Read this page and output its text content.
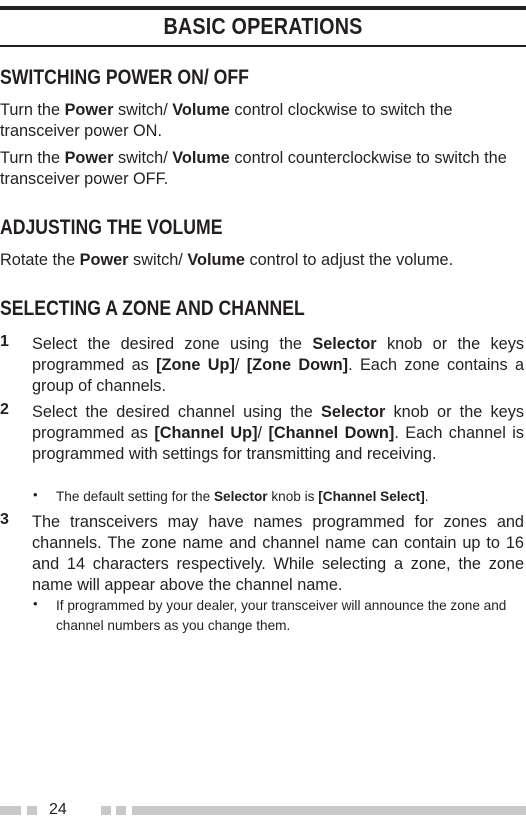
BASIC OPERATIONS
SWITCHING POWER ON/ OFF
Turn the Power switch/ Volume control clockwise to switch the transceiver power ON.
Turn the Power switch/ Volume control counterclockwise to switch the transceiver power OFF.
ADJUSTING THE VOLUME
Rotate the Power switch/ Volume control to adjust the volume.
SELECTING A ZONE AND CHANNEL
1 Select the desired zone using the Selector knob or the keys programmed as [Zone Up]/ [Zone Down]. Each zone contains a group of channels.
2 Select the desired channel using the Selector knob or the keys programmed as [Channel Up]/ [Channel Down]. Each channel is programmed with settings for transmitting and receiving.
• The default setting for the Selector knob is [Channel Select].
3 The transceivers may have names programmed for zones and channels. The zone name and channel name can contain up to 16 and 14 characters respectively. While selecting a zone, the zone name will appear above the channel name.
• If programmed by your dealer, your transceiver will announce the zone and channel numbers as you change them.
24
